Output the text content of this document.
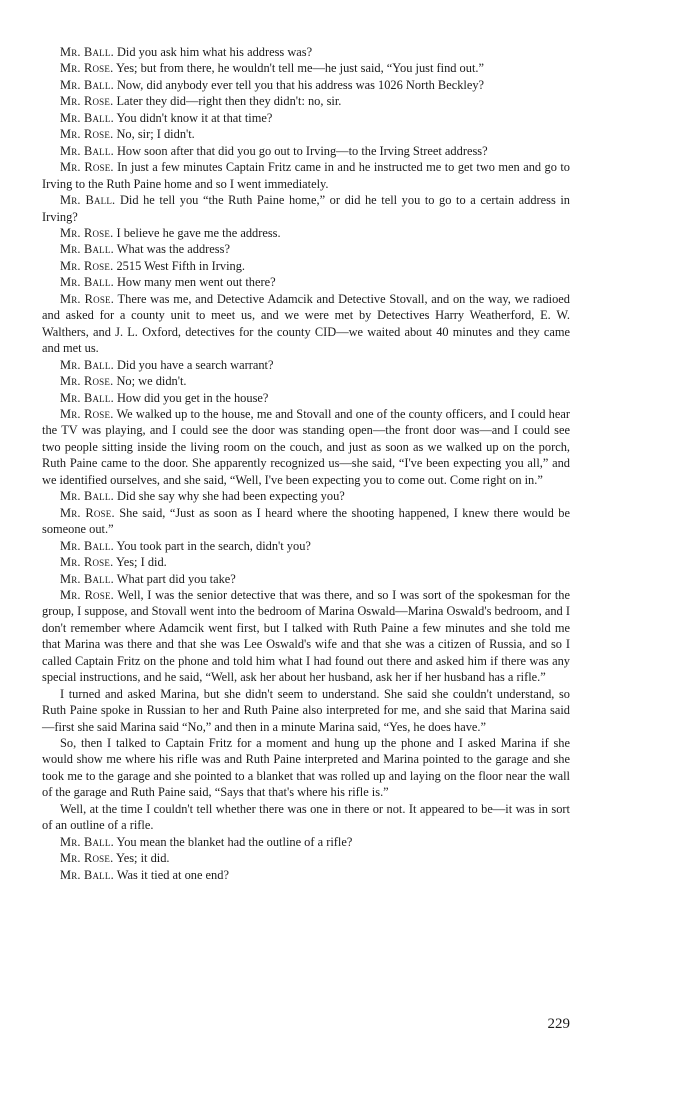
Mr. Ball. Did you ask him what his address was?

Mr. Rose. Yes; but from there, he wouldn't tell me—he just said, “You just find out.”

Mr. Ball. Now, did anybody ever tell you that his address was 1026 North Beckley?

Mr. Rose. Later they did—right then they didn't: no, sir.

Mr. Ball. You didn't know it at that time?

Mr. Rose. No, sir; I didn't.

Mr. Ball. How soon after that did you go out to Irving—to the Irving Street address?

Mr. Rose. In just a few minutes Captain Fritz came in and he instructed me to get two men and go to Irving to the Ruth Paine home and so I went immediately.

Mr. Ball. Did he tell you “the Ruth Paine home,” or did he tell you to go to a certain address in Irving?

Mr. Rose. I believe he gave me the address.

Mr. Ball. What was the address?

Mr. Rose. 2515 West Fifth in Irving.

Mr. Ball. How many men went out there?

Mr. Rose. There was me, and Detective Adamcik and Detective Stovall, and on the way, we radioed and asked for a county unit to meet us, and we were met by Detectives Harry Weatherford, E. W. Walthers, and J. L. Oxford, detectives for the county CID—we waited about 40 minutes and they came and met us.

Mr. Ball. Did you have a search warrant?

Mr. Rose. No; we didn't.

Mr. Ball. How did you get in the house?

Mr. Rose. We walked up to the house, me and Stovall and one of the county officers, and I could hear the TV was playing, and I could see the door was standing open—the front door was—and I could see two people sitting inside the living room on the couch, and just as soon as we walked up on the porch, Ruth Paine came to the door. She apparently recognized us—she said, “I've been expecting you all,” and we identified ourselves, and she said, “Well, I've been expecting you to come out. Come right on in.”

Mr. Ball. Did she say why she had been expecting you?

Mr. Rose. She said, “Just as soon as I heard where the shooting happened, I knew there would be someone out.”

Mr. Ball. You took part in the search, didn't you?

Mr. Rose. Yes; I did.

Mr. Ball. What part did you take?

Mr. Rose. Well, I was the senior detective that was there, and so I was sort of the spokesman for the group, I suppose, and Stovall went into the bedroom of Marina Oswald—Marina Oswald's bedroom, and I don't remember where Adamcik went first, but I talked with Ruth Paine a few minutes and she told me that Marina was there and that she was Lee Oswald's wife and that she was a citizen of Russia, and so I called Captain Fritz on the phone and told him what I had found out there and asked him if there was any special instructions, and he said, “Well, ask her about her husband, ask her if her husband has a rifle.”

I turned and asked Marina, but she didn't seem to understand. She said she couldn't understand, so Ruth Paine spoke in Russian to her and Ruth Paine also interpreted for me, and she said that Marina said—first she said Marina said “No,” and then in a minute Marina said, “Yes, he does have.”

So, then I talked to Captain Fritz for a moment and hung up the phone and I asked Marina if she would show me where his rifle was and Ruth Paine interpreted and Marina pointed to the garage and she took me to the garage and she pointed to a blanket that was rolled up and laying on the floor near the wall of the garage and Ruth Paine said, “Says that that's where his rifle is.”

Well, at the time I couldn't tell whether there was one in there or not. It appeared to be—it was in sort of an outline of a rifle.

Mr. Ball. You mean the blanket had the outline of a rifle?

Mr. Rose. Yes; it did.

Mr. Ball. Was it tied at one end?

229
